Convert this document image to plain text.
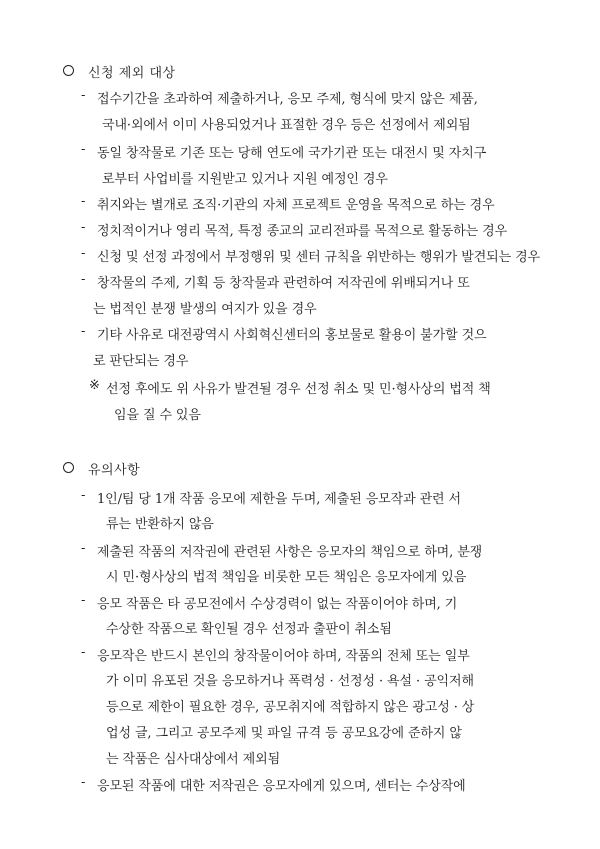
신청 제외 대상
- 접수기간을 초과하여 제출하거나, 응모 주제, 형식에 맞지 않은 제품,
국내·외에서 이미 사용되었거나 표절한 경우 등은 선정에서 제외됨
- 동일 창작물로 기존 또는 당해 연도에 국가기관 또는 대전시 및 자치구
로부터 사업비를 지원받고 있거나 지원 예정인 경우
- 취지와는 별개로 조직·기관의 자체 프로젝트 운영을 목적으로 하는 경우
- 정치적이거나 영리 목적, 특정 종교의 교리전파를 목적으로 활동하는 경우
- 신청 및 선정 과정에서 부정행위 및 센터 규칙을 위반하는 행위가 발견되는 경우
- 창작물의 주제, 기획 등 창작물과 관련하여 저작권에 위배되거나 또
는 법적인 분쟁 발생의 여지가 있을 경우
- 기타 사유로 대전광역시 사회혁신센터의 홍보물로 활용이 불가할 것으
로 판단되는 경우
※ 선정 후에도 위 사유가 발견될 경우 선정 취소 및 민·형사상의 법적 책
임을 질 수 있음
유의사항
- 1인/팀 당 1개 작품 응모에 제한을 두며, 제출된 응모작과 관련 서
류는 반환하지 않음
- 제출된 작품의 저작권에 관련된 사항은 응모자의 책임으로 하며, 분쟁
시 민·형사상의 법적 책임을 비롯한 모든 책임은 응모자에게 있음
- 응모 작품은 타 공모전에서 수상경력이 없는 작품이어야 하며, 기
수상한 작품으로 확인될 경우 선정과 출판이 취소됨
- 응모작은 반드시 본인의 창작물이어야 하며, 작품의 전체 또는 일부
가 이미 유포된 것을 응모하거나 폭력성 · 선정성 · 욕설 · 공익저해
등으로 제한이 필요한 경우, 공모취지에 적합하지 않은 광고성 · 상
업성 글, 그리고 공모주제 및 파일 규격 등 공모요강에 준하지 않
는 작품은 심사대상에서 제외됨
- 응모된 작품에 대한 저작권은 응모자에게 있으며, 센터는 수상작에
